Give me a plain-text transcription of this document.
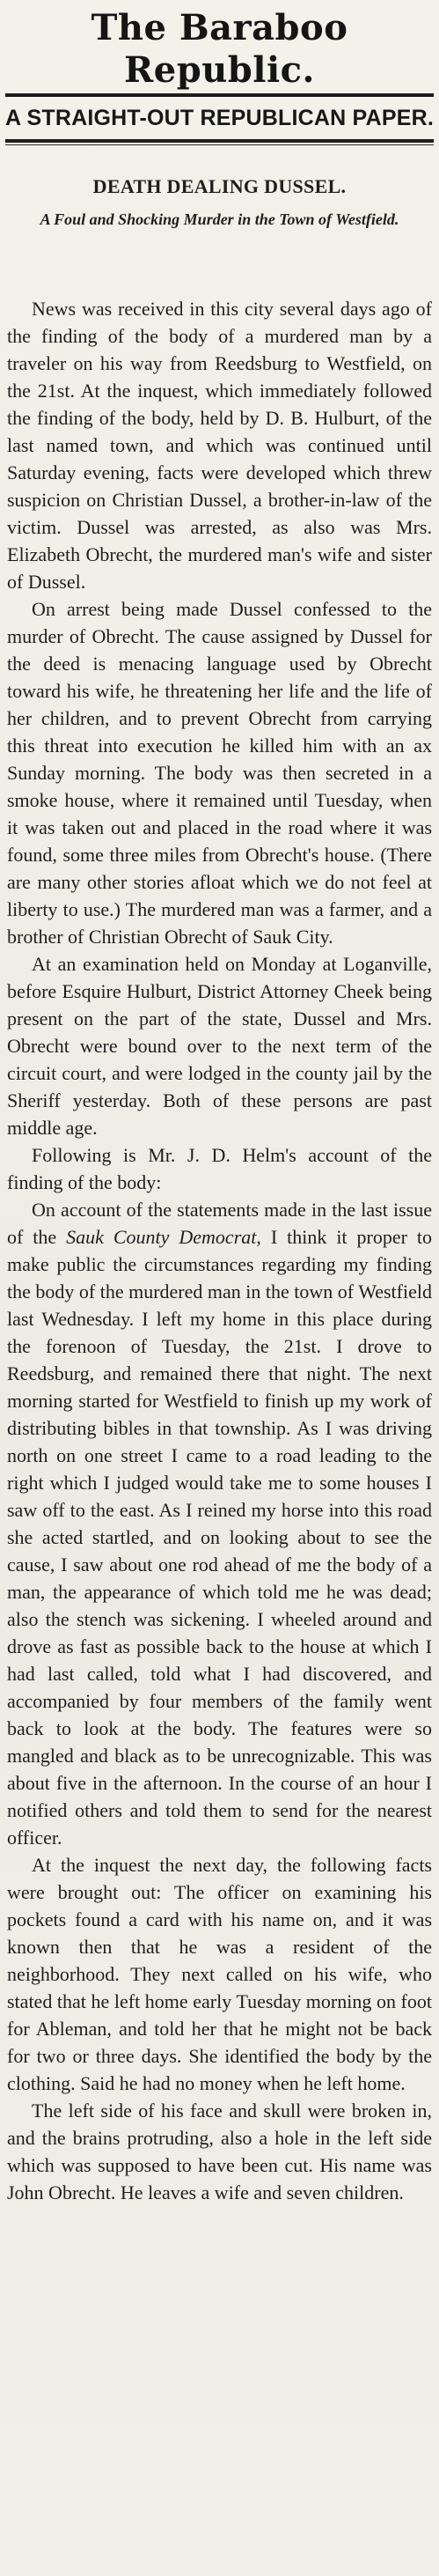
The Baraboo Republic.
A STRAIGHT-OUT REPUBLICAN PAPER.
DEATH DEALING DUSSEL.
A Foul and Shocking Murder in the Town of Westfield.

News was received in this city several days ago of the finding of the body of a murdered man by a traveler on his way from Reedsburg to Westfield, on the 21st. At the inquest, which immediately followed the finding of the body, held by D. B. Hulburt, of the last named town, and which was continued until Saturday evening, facts were developed which threw suspicion on Christian Dussel, a brother-in-law of the victim. Dussel was arrested, as also was Mrs. Elizabeth Obrecht, the murdered man's wife and sister of Dussel.

On arrest being made Dussel confessed to the murder of Obrecht. The cause assigned by Dussel for the deed is menacing language used by Obrecht toward his wife, he threatening her life and the life of her children, and to prevent Obrecht from carrying this threat into execution he killed him with an ax Sunday morning. The body was then secreted in a smoke house, where it remained until Tuesday, when it was taken out and placed in the road where it was found, some three miles from Obrecht's house. (There are many other stories afloat which we do not feel at liberty to use.) The murdered man was a farmer, and a brother of Christian Obrecht of Sauk City.

At an examination held on Monday at Loganville, before Esquire Hulburt, District Attorney Cheek being present on the part of the state, Dussel and Mrs. Obrecht were bound over to the next term of the circuit court, and were lodged in the county jail by the Sheriff yesterday. Both of these persons are past middle age.

Following is Mr. J. D. Helm's account of the finding of the body:

On account of the statements made in the last issue of the Sauk County Democrat, I think it proper to make public the circumstances regarding my finding the body of the murdered man in the town of Westfield last Wednesday. I left my home in this place during the forenoon of Tuesday, the 21st. I drove to Reedsburg, and remained there that night. The next morning started for Westfield to finish up my work of distributing bibles in that township. As I was driving north on one street I came to a road leading to the right which I judged would take me to some houses I saw off to the east. As I reined my horse into this road she acted startled, and on looking about to see the cause, I saw about one rod ahead of me the body of a man, the appearance of which told me he was dead; also the stench was sickening. I wheeled around and drove as fast as possible back to the house at which I had last called, told what I had discovered, and accompanied by four members of the family went back to look at the body. The features were so mangled and black as to be unrecognizable. This was about five in the afternoon. In the course of an hour I notified others and told them to send for the nearest officer.

At the inquest the next day, the following facts were brought out: The officer on examining his pockets found a card with his name on, and it was known then that he was a resident of the neighborhood. They next called on his wife, who stated that he left home early Tuesday morning on foot for Ableman, and told her that he might not be back for two or three days. She identified the body by the clothing. Said he had no money when he left home.

The left side of his face and skull were broken in, and the brains protruding, also a hole in the left side which was supposed to have been cut. His name was John Obrecht. He leaves a wife and seven children.
